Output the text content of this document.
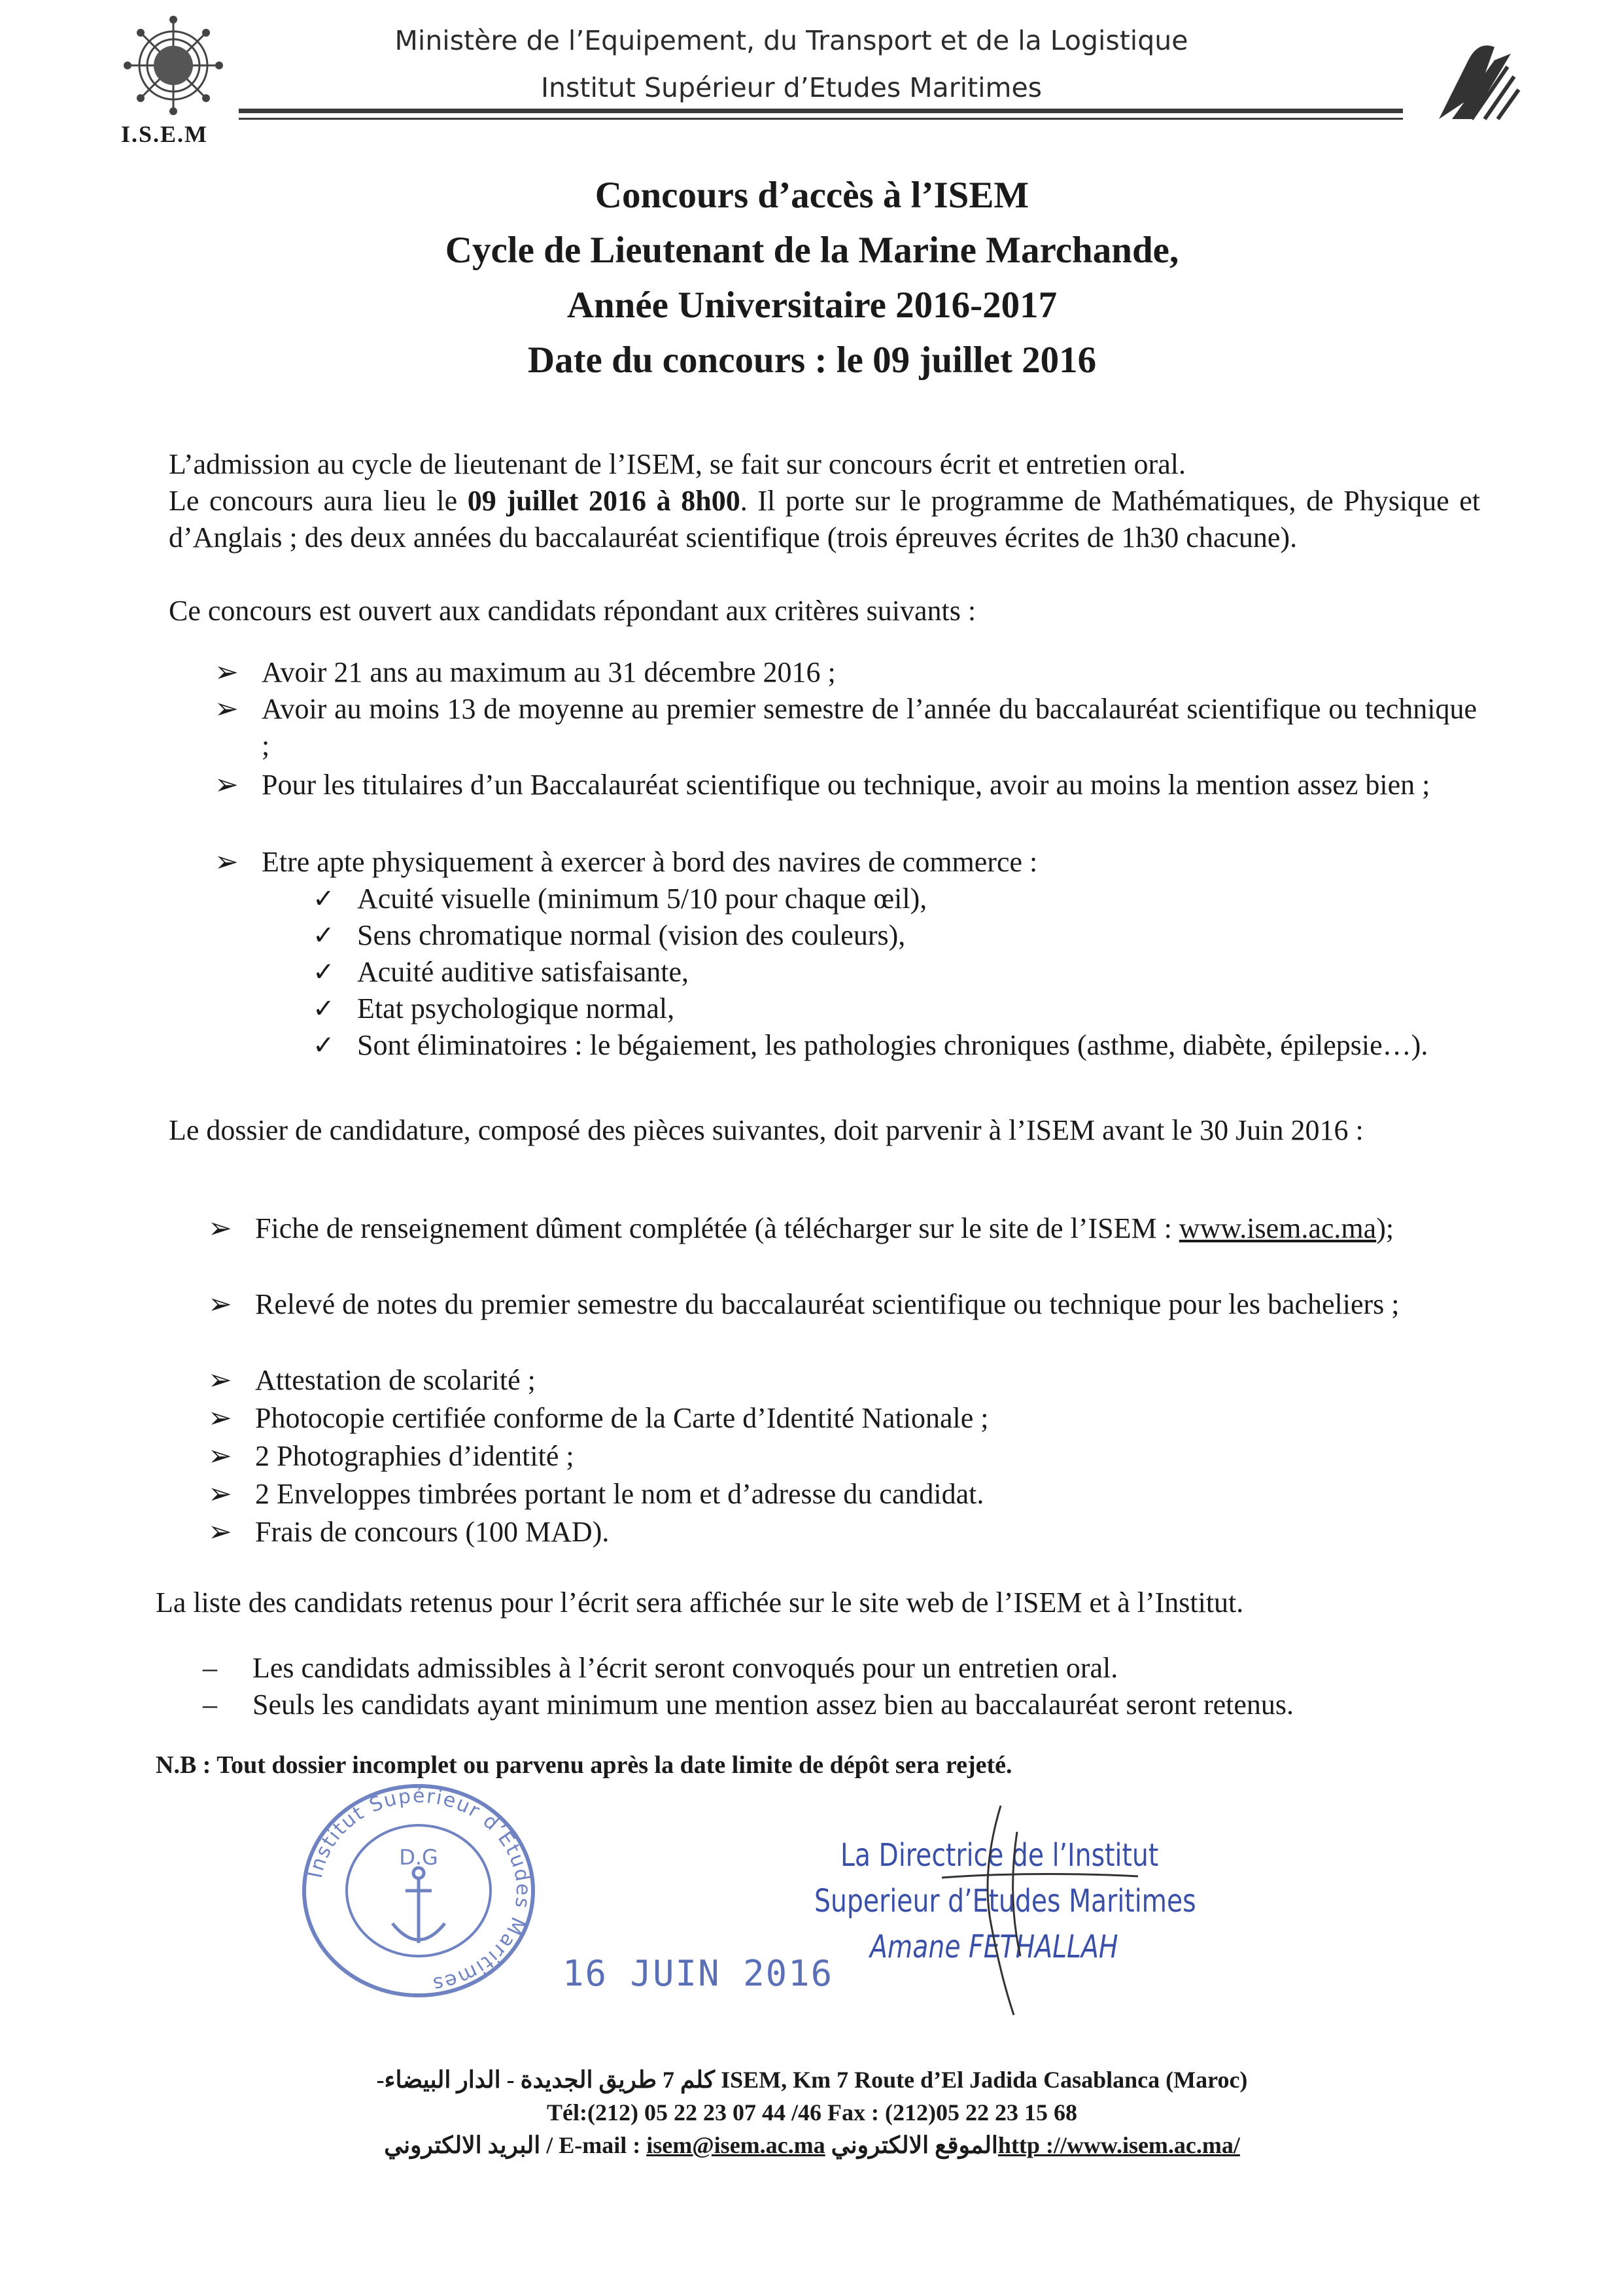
I.S.E.M
Ministère de l’Equipement, du Transport et de la Logistique
Institut Supérieur d’Etudes Maritimes
Concours d’accès à l’ISEM
Cycle de Lieutenant de la Marine Marchande,
Année Universitaire 2016-2017
Date du concours : le 09 juillet 2016
L’admission au cycle de lieutenant de l’ISEM, se fait sur concours écrit et entretien oral.
Le concours aura lieu le 09 juillet 2016 à 8h00. Il porte sur le programme de Mathématiques, de Physique et d’Anglais ; des deux années du baccalauréat scientifique (trois épreuves écrites de 1h30 chacune).
Ce concours est ouvert aux candidats répondant aux critères suivants :
➢ Avoir 21 ans au maximum au 31 décembre 2016 ;
➢ Avoir au moins 13 de moyenne au premier semestre de l’année du baccalauréat scientifique ou technique ;
➢ Pour les titulaires d’un Baccalauréat scientifique ou technique, avoir au moins la mention assez bien ;
➢ Etre apte physiquement à exercer à bord des navires de commerce :
✓ Acuité visuelle (minimum 5/10 pour chaque œil),
✓ Sens chromatique normal (vision des couleurs),
✓ Acuité auditive satisfaisante,
✓ Etat psychologique normal,
✓ Sont éliminatoires : le bégaiement, les pathologies chroniques (asthme, diabète, épilepsie…).
Le dossier de candidature, composé des pièces suivantes, doit parvenir à l’ISEM avant le 30 Juin 2016 :
➢ Fiche de renseignement dûment complétée (à télécharger sur le site de l’ISEM : www.isem.ac.ma);
➢ Relevé de notes du premier semestre du baccalauréat scientifique ou technique pour les bacheliers ;
➢ Attestation de scolarité ;
➢ Photocopie certifiée conforme de la Carte d’Identité Nationale ;
➢ 2 Photographies d’identité ;
➢ 2 Enveloppes timbrées portant le nom et d’adresse du candidat.
➢ Frais de concours (100 MAD).
La liste des candidats retenus pour l’écrit sera affichée sur le site web de l’ISEM et à l’Institut.
– Les candidats admissibles à l’écrit seront convoqués pour un entretien oral.
– Seuls les candidats ayant minimum une mention assez bien au baccalauréat seront retenus.
N.B : Tout dossier incomplet ou parvenu après la date limite de dépôt sera rejeté.
Institut Supérieur d’Etudes Maritimes
D.G
16 JUIN 2016
La Directrice de l’Institut
Superieur d’Etudes Maritimes
Amane FETHALLAH
كلم 7 طريق الجديدة - الدار البيضاء- ISEM, Km 7 Route d’El Jadida Casablanca (Maroc)
Tél:(212) 05 22 23 07 44 /46 Fax : (212)05 22 23 15 68
البريد الالكتروني / E-mail : isem@isem.ac.ma الموقع الالكترونيhttp ://www.isem.ac.ma/
